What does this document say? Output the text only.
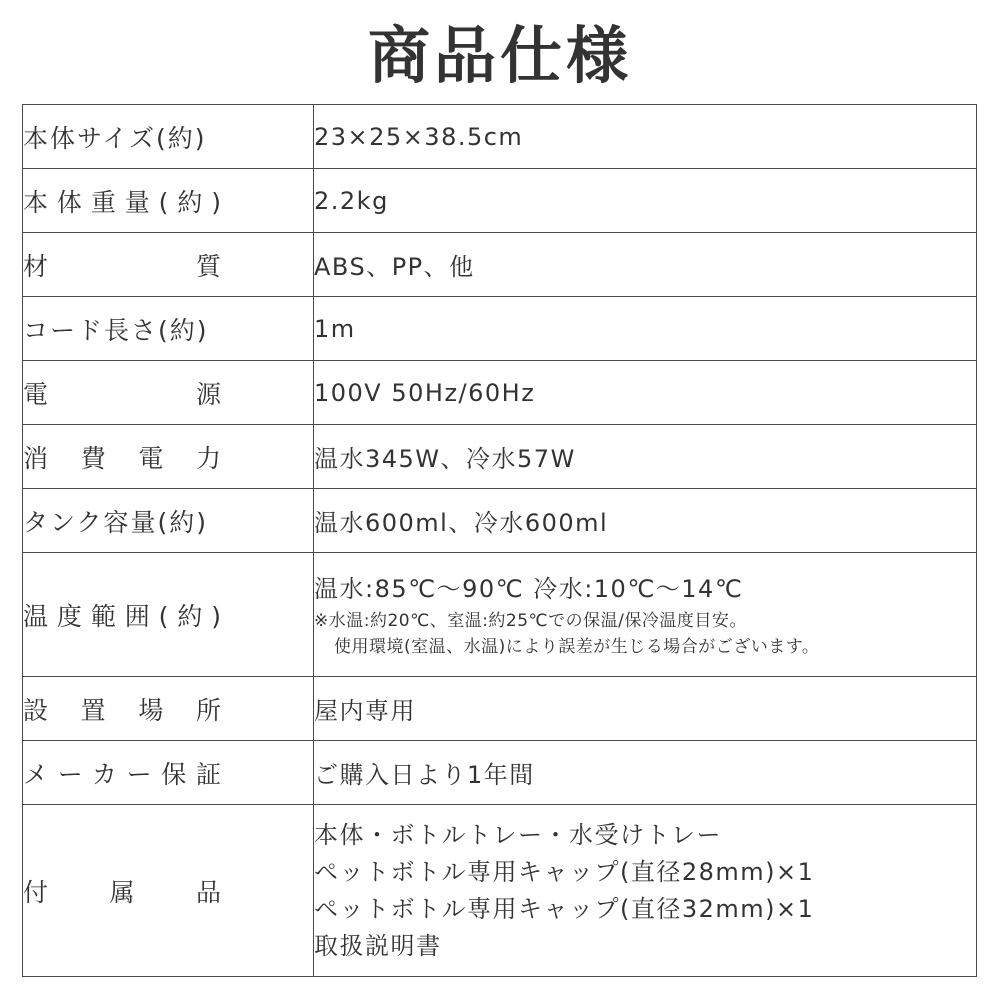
商品仕様
本体サイズ(約)	23×25×38.5cm

本体重量(約)	2.2kg

材 質	ABS、PP、他

コード長さ(約)	1m

電 源	100V 50Hz/60Hz

消費電力	温水345W、冷水57W

タンク容量(約)	温水600ml、冷水600ml

温度範囲(約)	温水:85℃〜90℃ 冷水:10℃〜14℃
※水温:約20℃、室温:約25℃での保温/保冷温度目安。
使用環境(室温、水温)により誤差が生じる場合がございます。

設置場所	屋内専用

メーカー保証	ご購入日より1年間

付 属 品	本体・ボトルトレー・水受けトレー
ペットボトル専用キャップ(直径28mm)×1
ペットボトル専用キャップ(直径32mm)×1
取扱説明書
